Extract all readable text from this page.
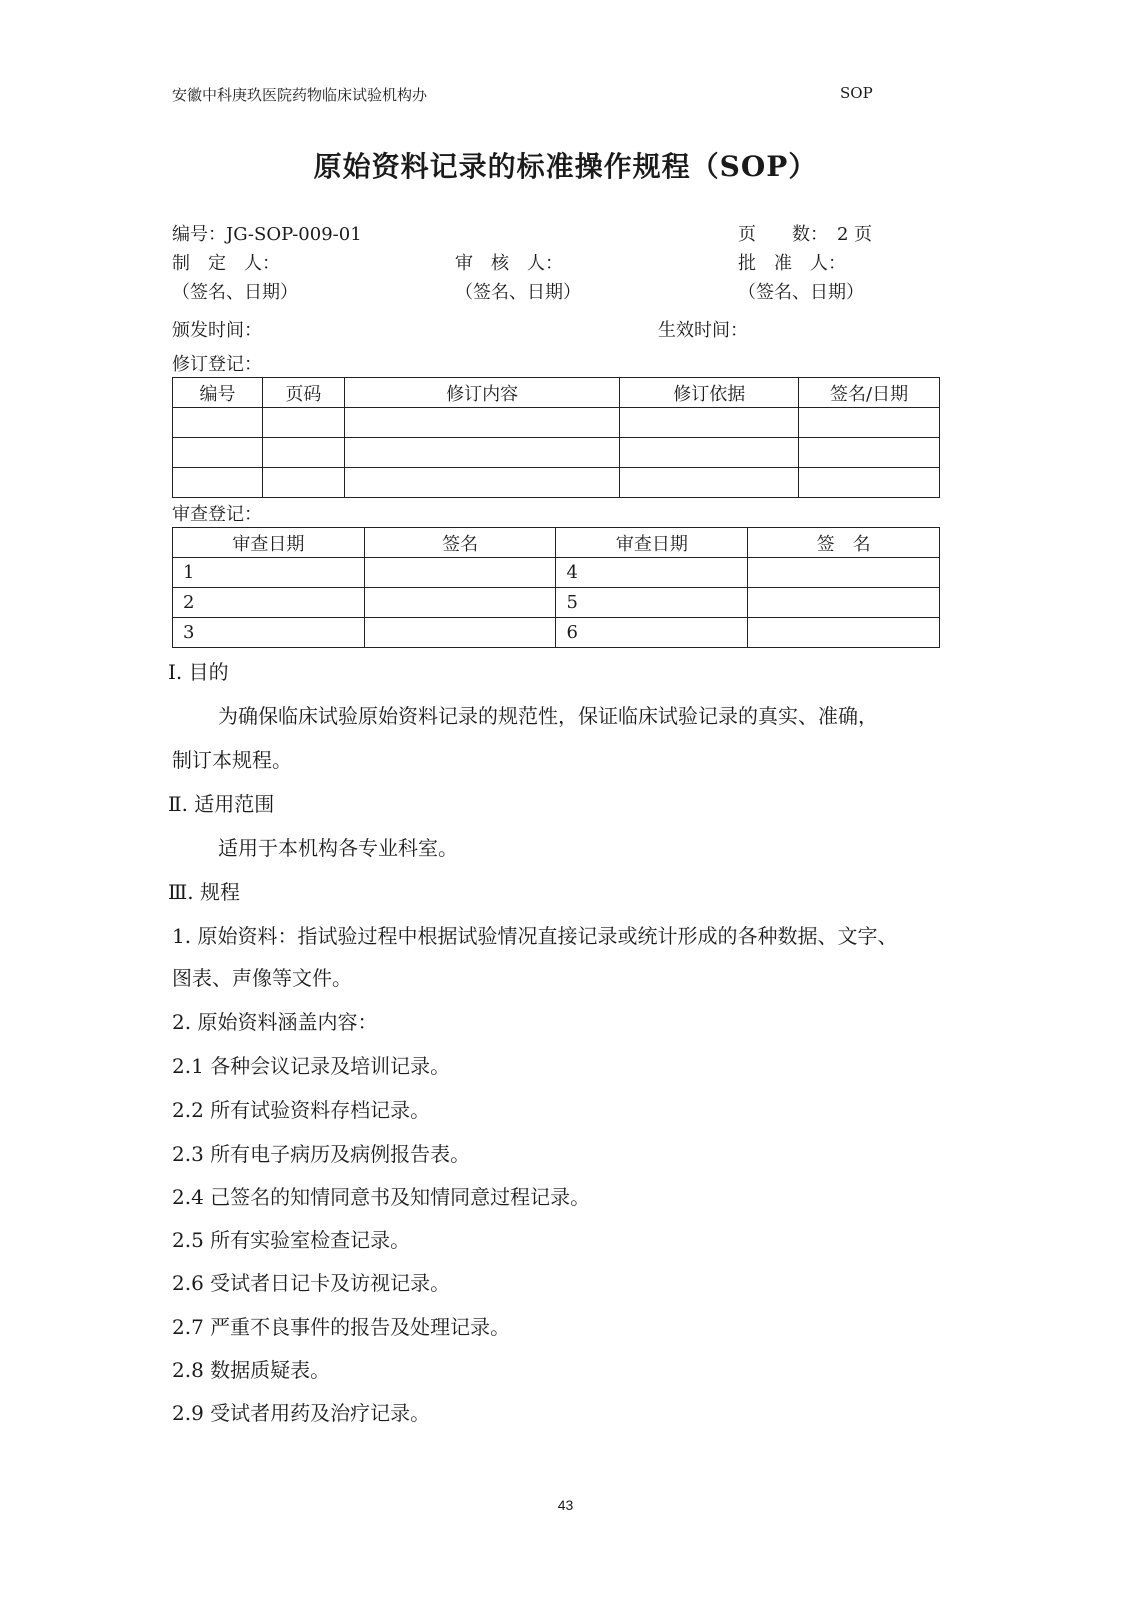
安徽中科庚玖医院药物临床试验机构办	SOP
原始资料记录的标准操作规程（SOP）
编号：JG-SOP-009-01	页　　数：　2 页
制　定　人：	审　核　人：	批　准　人：
（签名、日期）	（签名、日期）	（签名、日期）
颁发时间：	生效时间：
修订登记：
编号	页码	修订内容	修订依据	签名/日期

审查登记：
审查日期	签名	审查日期	签　名
1		4	
2		5	
3		6	
Ⅰ. 目的
为确保临床试验原始资料记录的规范性，保证临床试验记录的真实、准确，
制订本规程。
Ⅱ. 适用范围
适用于本机构各专业科室。
Ⅲ. 规程
1. 原始资料：指试验过程中根据试验情况直接记录或统计形成的各种数据、文字、
图表、声像等文件。
2. 原始资料涵盖内容：
2.1 各种会议记录及培训记录。
2.2 所有试验资料存档记录。
2.3 所有电子病历及病例报告表。
2.4 己签名的知情同意书及知情同意过程记录。
2.5 所有实验室检查记录。
2.6 受试者日记卡及访视记录。
2.7 严重不良事件的报告及处理记录。
2.8 数据质疑表。
2.9 受试者用药及治疗记录。
43
